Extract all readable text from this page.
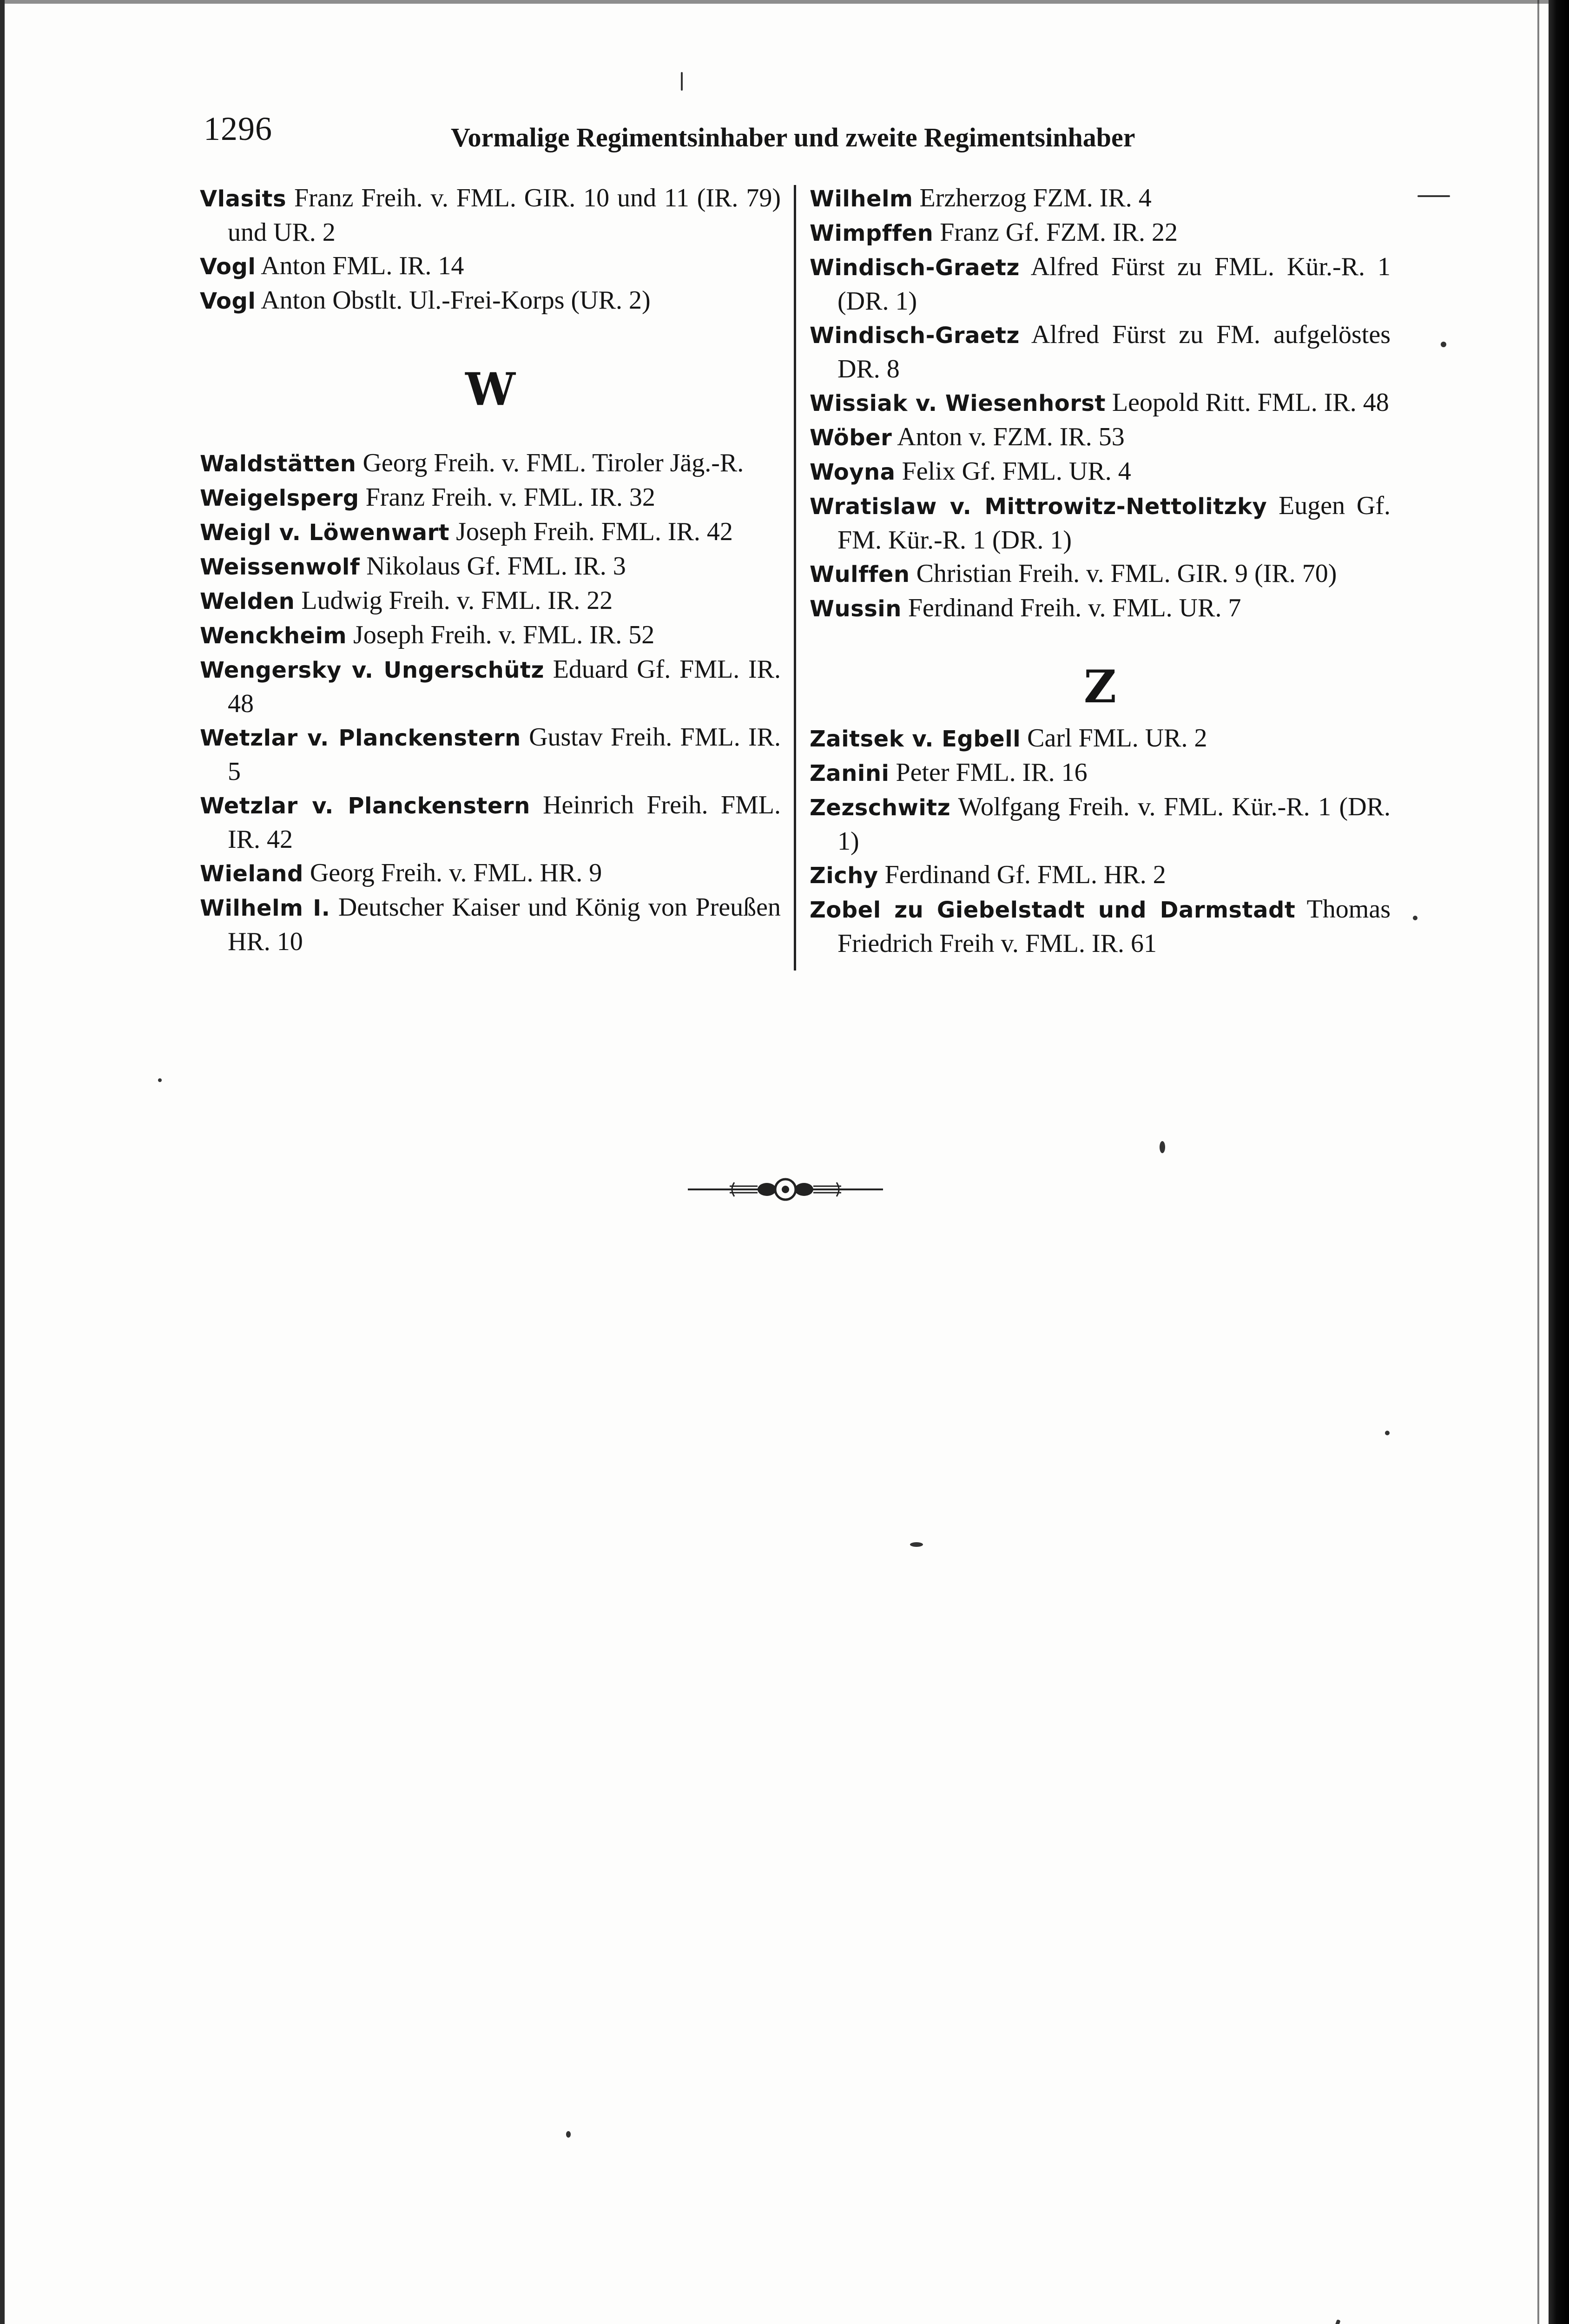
1296	Vormalige Regimentsinhaber und zweite Regimentsinhaber

Vlasits Franz Freih. v. FML. GIR. 10 und 11 (IR. 79) und UR. 2

Vogl Anton FML. IR. 14

Vogl Anton Obstlt. Ul.-Frei-Korps (UR. 2)

W

Waldstätten Georg Freih. v. FML. Tiroler Jäg.-R.

Weigelsperg Franz Freih. v. FML. IR. 32

Weigl v. Löwenwart Joseph Freih. FML. IR. 42

Weissenwolf Nikolaus Gf. FML. IR. 3

Welden Ludwig Freih. v. FML. IR. 22

Wenckheim Joseph Freih. v. FML. IR. 52

Wengersky v. Ungerschütz Eduard Gf. FML. IR. 48

Wetzlar v. Planckenstern Gustav Freih. FML. IR. 5

Wetzlar v. Planckenstern Heinrich Freih. FML. IR. 42

Wieland Georg Freih. v. FML. HR. 9

Wilhelm I. Deutscher Kaiser und König von Preußen HR. 10

Wilhelm Erzherzog FZM. IR. 4

Wimpffen Franz Gf. FZM. IR. 22

Windisch-Graetz Alfred Fürst zu FML. Kür.-R. 1 (DR. 1)

Windisch-Graetz Alfred Fürst zu FM. aufgelöstes DR. 8

Wissiak v. Wiesenhorst Leopold Ritt. FML. IR. 48

Wöber Anton v. FZM. IR. 53

Woyna Felix Gf. FML. UR. 4

Wratislaw v. Mittrowitz-Nettolitzky Eugen Gf. FM. Kür.-R. 1 (DR. 1)

Wulffen Christian Freih. v. FML. GIR. 9 (IR. 70)

Wussin Ferdinand Freih. v. FML. UR. 7

Z

Zaitsek v. Egbell Carl FML. UR. 2

Zanini Peter FML. IR. 16

Zezschwitz Wolfgang Freih. v. FML. Kür.-R. 1 (DR. 1)

Zichy Ferdinand Gf. FML. HR. 2

Zobel zu Giebelstadt und Darmstadt Thomas Friedrich Freih v. FML. IR. 61
